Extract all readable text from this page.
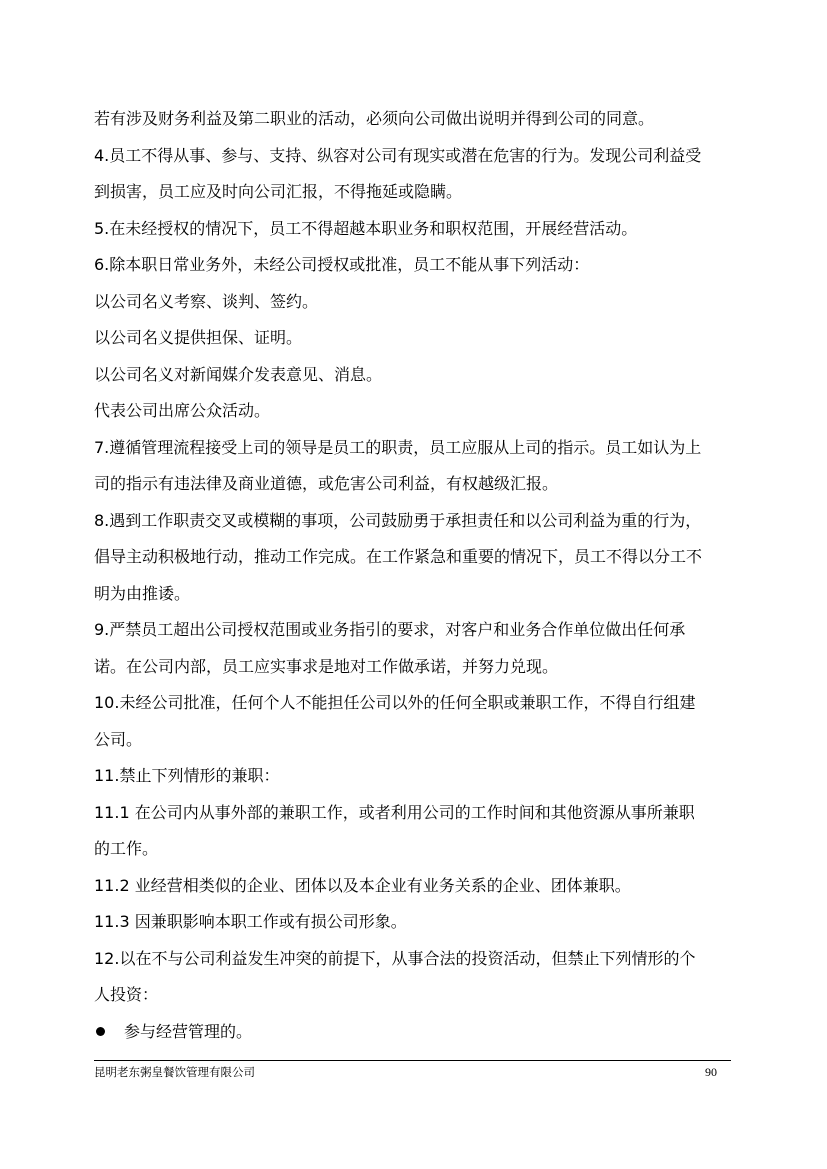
若有涉及财务利益及第二职业的活动，必须向公司做出说明并得到公司的同意。
4.员工不得从事、参与、支持、纵容对公司有现实或潜在危害的行为。发现公司利益受
到损害，员工应及时向公司汇报，不得拖延或隐瞒。
5.在未经授权的情况下，员工不得超越本职业务和职权范围，开展经营活动。
6.除本职日常业务外，未经公司授权或批准，员工不能从事下列活动：
以公司名义考察、谈判、签约。
以公司名义提供担保、证明。
以公司名义对新闻媒介发表意见、消息。
代表公司出席公众活动。
7.遵循管理流程接受上司的领导是员工的职责，员工应服从上司的指示。员工如认为上
司的指示有违法律及商业道德，或危害公司利益，有权越级汇报。
8.遇到工作职责交叉或模糊的事项，公司鼓励勇于承担责任和以公司利益为重的行为，
倡导主动积极地行动，推动工作完成。在工作紧急和重要的情况下，员工不得以分工不
明为由推诿。
9.严禁员工超出公司授权范围或业务指引的要求，对客户和业务合作单位做出任何承
诺。在公司内部，员工应实事求是地对工作做承诺，并努力兑现。
10.未经公司批准，任何个人不能担任公司以外的任何全职或兼职工作，不得自行组建
公司。
11.禁止下列情形的兼职：
11.1 在公司内从事外部的兼职工作，或者利用公司的工作时间和其他资源从事所兼职
的工作。
11.2 业经营相类似的企业、团体以及本企业有业务关系的企业、团体兼职。
11.3 因兼职影响本职工作或有损公司形象。
12.以在不与公司利益发生冲突的前提下，从事合法的投资活动，但禁止下列情形的个
人投资：
参与经营管理的。
昆明老东粥皇餐饮管理有限公司	90
